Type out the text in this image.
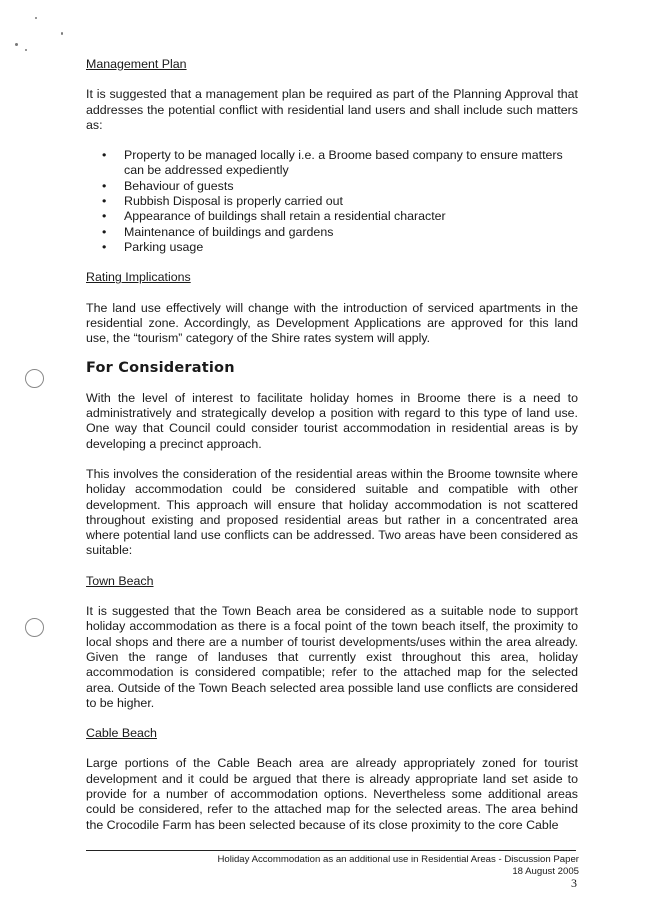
Management Plan

It is suggested that a management plan be required as part of the Planning Approval that addresses the potential conflict with residential land users and shall include such matters as:

• Property to be managed locally i.e. a Broome based company to ensure matters can be addressed expediently
• Behaviour of guests
• Rubbish Disposal is properly carried out
• Appearance of buildings shall retain a residential character
• Maintenance of buildings and gardens
• Parking usage
Rating Implications

The land use effectively will change with the introduction of serviced apartments in the residential zone. Accordingly, as Development Applications are approved for this land use, the “tourism” category of the Shire rates system will apply.

For Consideration

With the level of interest to facilitate holiday homes in Broome there is a need to administratively and strategically develop a position with regard to this type of land use. One way that Council could consider tourist accommodation in residential areas is by developing a precinct approach.

This involves the consideration of the residential areas within the Broome townsite where holiday accommodation could be considered suitable and compatible with other development. This approach will ensure that holiday accommodation is not scattered throughout existing and proposed residential areas but rather in a concentrated area where potential land use conflicts can be addressed. Two areas have been considered as suitable:

Town Beach

It is suggested that the Town Beach area be considered as a suitable node to support holiday accommodation as there is a focal point of the town beach itself, the proximity to local shops and there are a number of tourist developments/uses within the area already. Given the range of landuses that currently exist throughout this area, holiday accommodation is considered compatible; refer to the attached map for the selected area. Outside of the Town Beach selected area possible land use conflicts are considered to be higher.

Cable Beach

Large portions of the Cable Beach area are already appropriately zoned for tourist development and it could be argued that there is already appropriate land set aside to provide for a number of accommodation options. Nevertheless some additional areas could be considered, refer to the attached map for the selected areas. The area behind the Crocodile Farm has been selected because of its close proximity to the core Cable

Holiday Accommodation as an additional use in Residential Areas - Discussion Paper
18 August 2005
3
